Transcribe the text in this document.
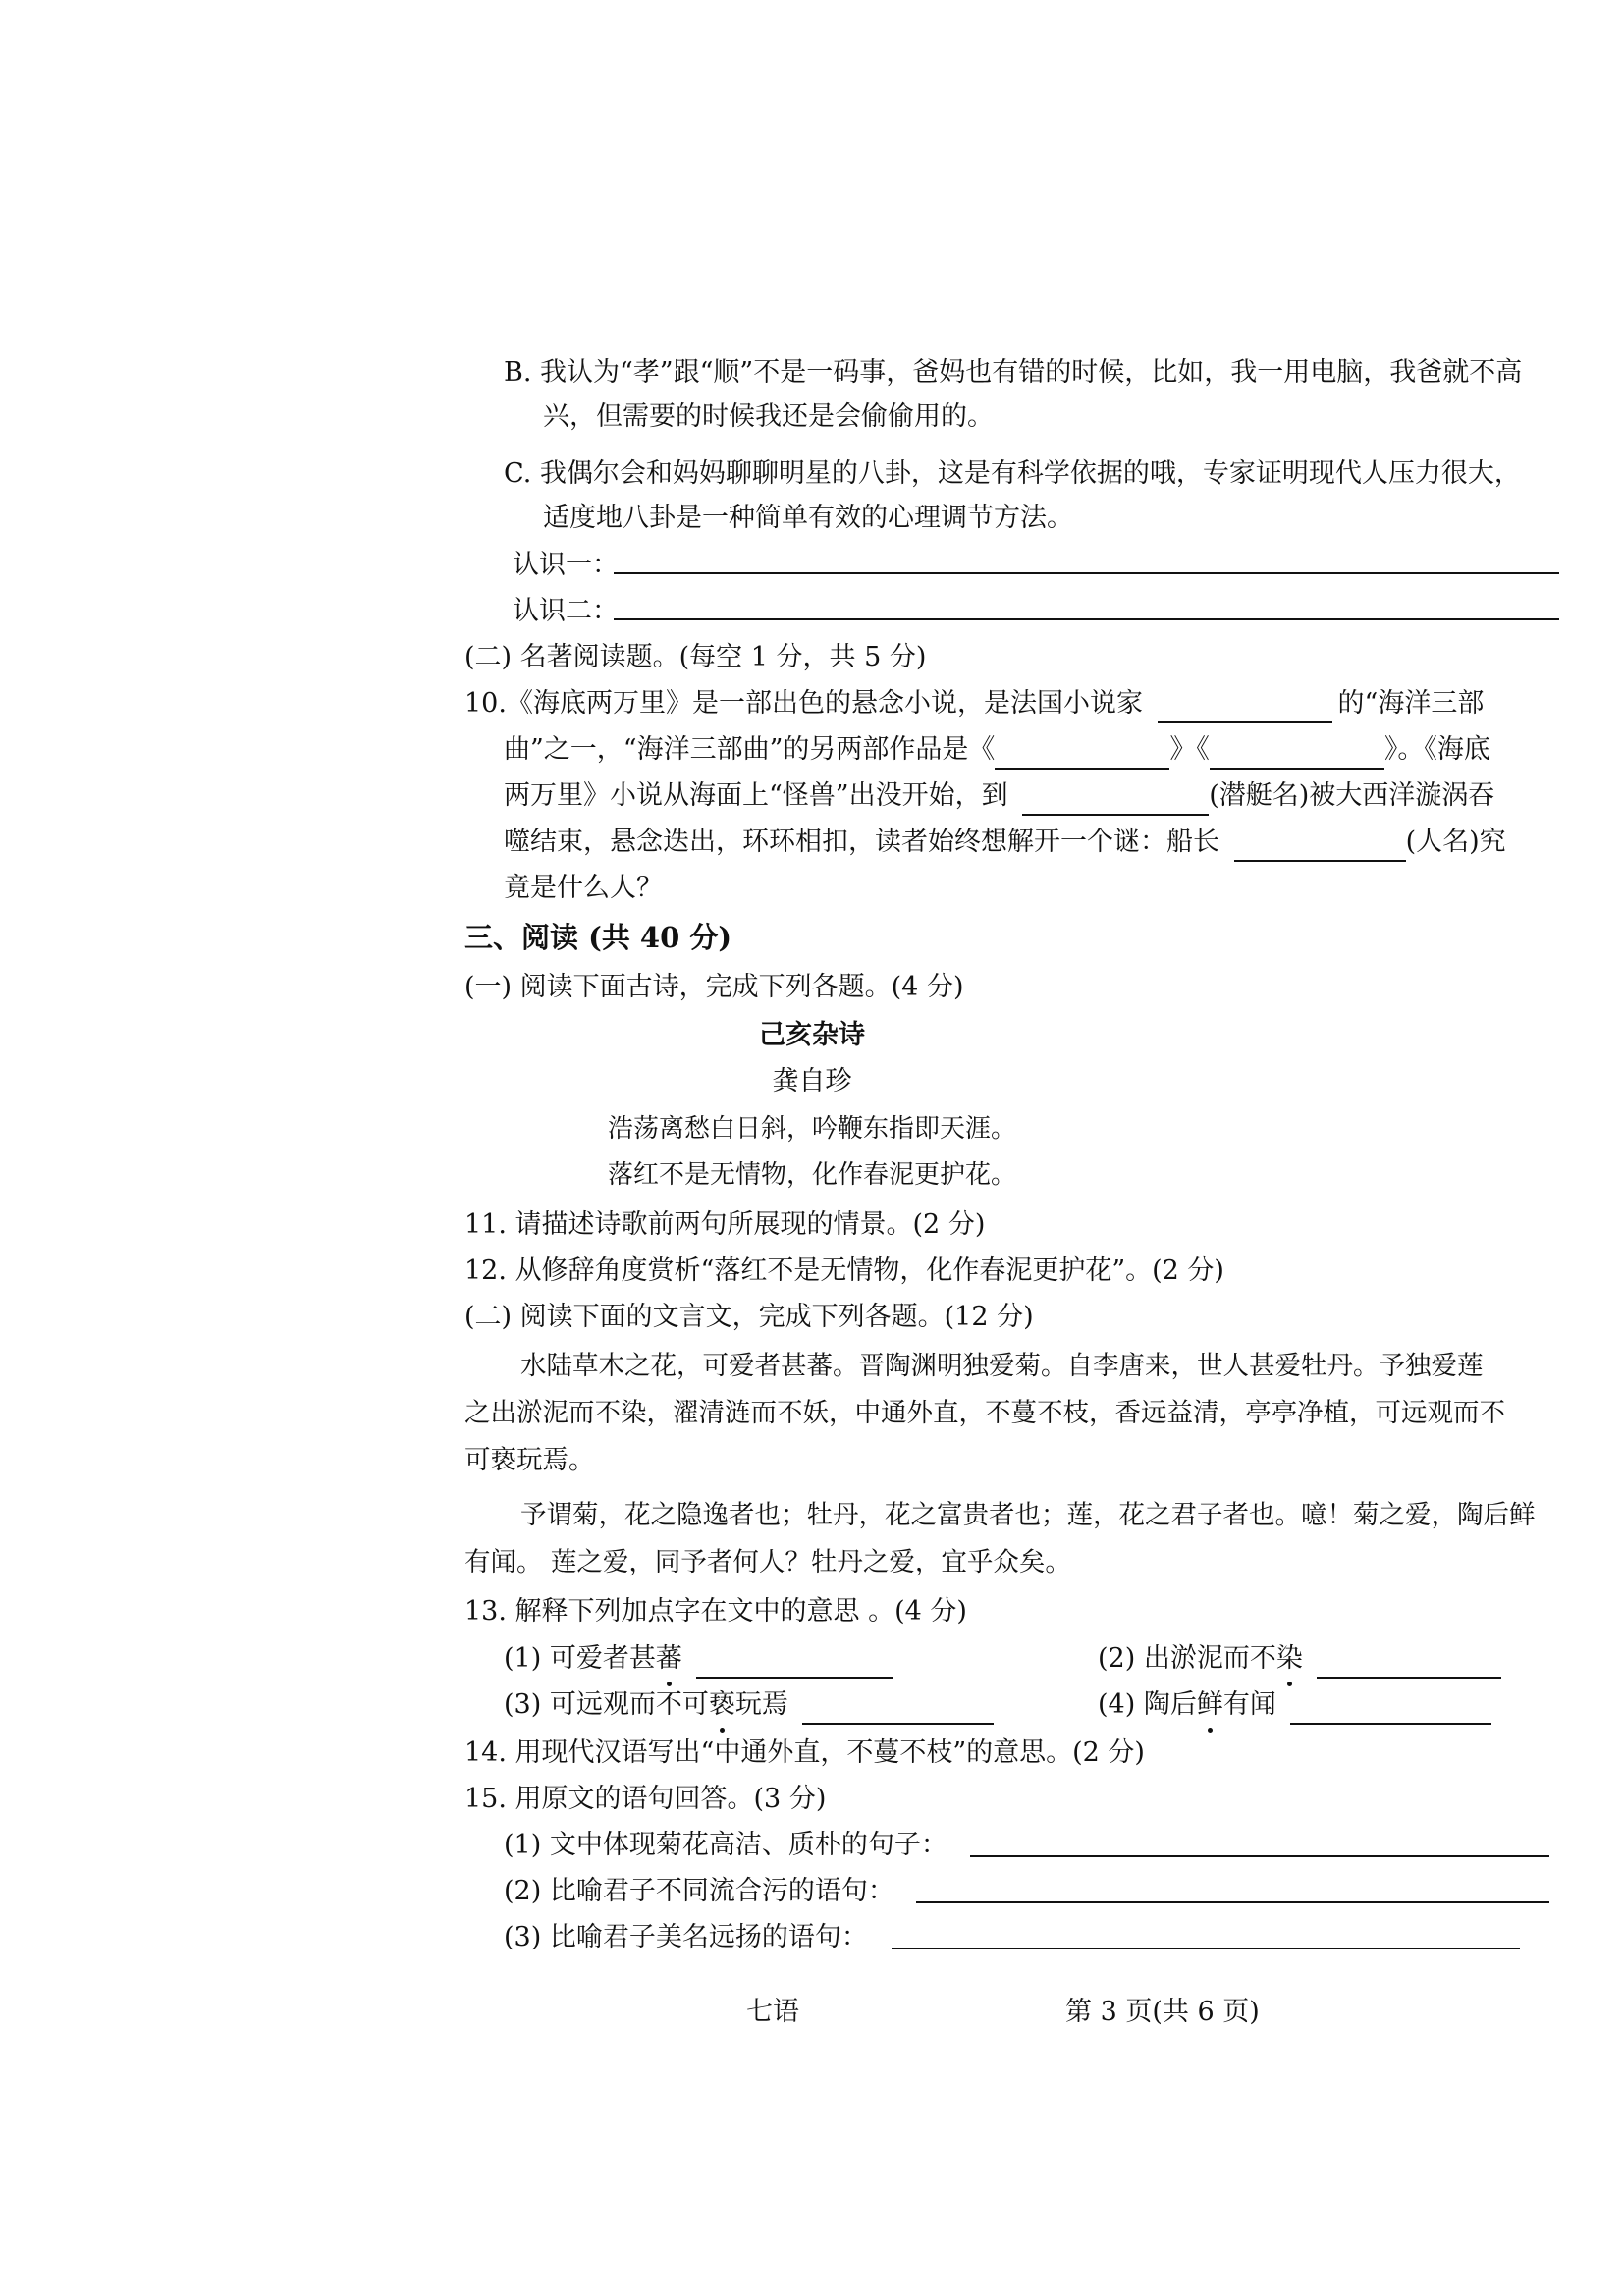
B. 我认为“孝”跟“顺”不是一码事，爸妈也有错的时候，比如，我一用电脑，我爸就不高
兴，但需要的时候我还是会偷偷用的。
C. 我偶尔会和妈妈聊聊明星的八卦，这是有科学依据的哦，专家证明现代人压力很大，
适度地八卦是一种简单有效的心理调节方法。
认识一：
认识二：
(二) 名著阅读题。(每空 1 分，共 5 分)
10.《海底两万里》是一部出色的悬念小说，是法国小说家	的“海洋三部
曲”之一，“海洋三部曲”的另两部作品是《	》《	》。《海底
两万里》小说从海面上“怪兽”出没开始，到	(潜艇名)被大西洋漩涡吞
噬结束，悬念迭出，环环相扣，读者始终想解开一个谜：船长	(人名)究
竟是什么人？
三、阅读 (共 40 分)
(一) 阅读下面古诗，完成下列各题。(4 分)
己亥杂诗
龚自珍
浩荡离愁白日斜，吟鞭东指即天涯。
落红不是无情物，化作春泥更护花。
11. 请描述诗歌前两句所展现的情景。(2 分)
12. 从修辞角度赏析“落红不是无情物，化作春泥更护花”。(2 分)
(二) 阅读下面的文言文，完成下列各题。(12 分)
水陆草木之花，可爱者甚蕃。晋陶渊明独爱菊。自李唐来，世人甚爱牡丹。予独爱莲
之出淤泥而不染，濯清涟而不妖，中通外直，不蔓不枝，香远益清，亭亭净植，可远观而不
可亵玩焉。
予谓菊，花之隐逸者也；牡丹，花之富贵者也；莲，花之君子者也。噫！菊之爱，陶后鲜
有闻。 莲之爱，同予者何人？牡丹之爱，宜乎众矣。
13. 解释下列加点字在文中的意思 。(4 分)
(1) 可爱者甚蕃	(2) 出淤泥而不染
(3) 可远观而不可亵玩焉	(4) 陶后鲜有闻
14. 用现代汉语写出“中通外直，不蔓不枝”的意思。(2 分)
15. 用原文的语句回答。(3 分)
(1) 文中体现菊花高洁、质朴的句子：
(2) 比喻君子不同流合污的语句：
(3) 比喻君子美名远扬的语句：
七语	第 3 页(共 6 页)
